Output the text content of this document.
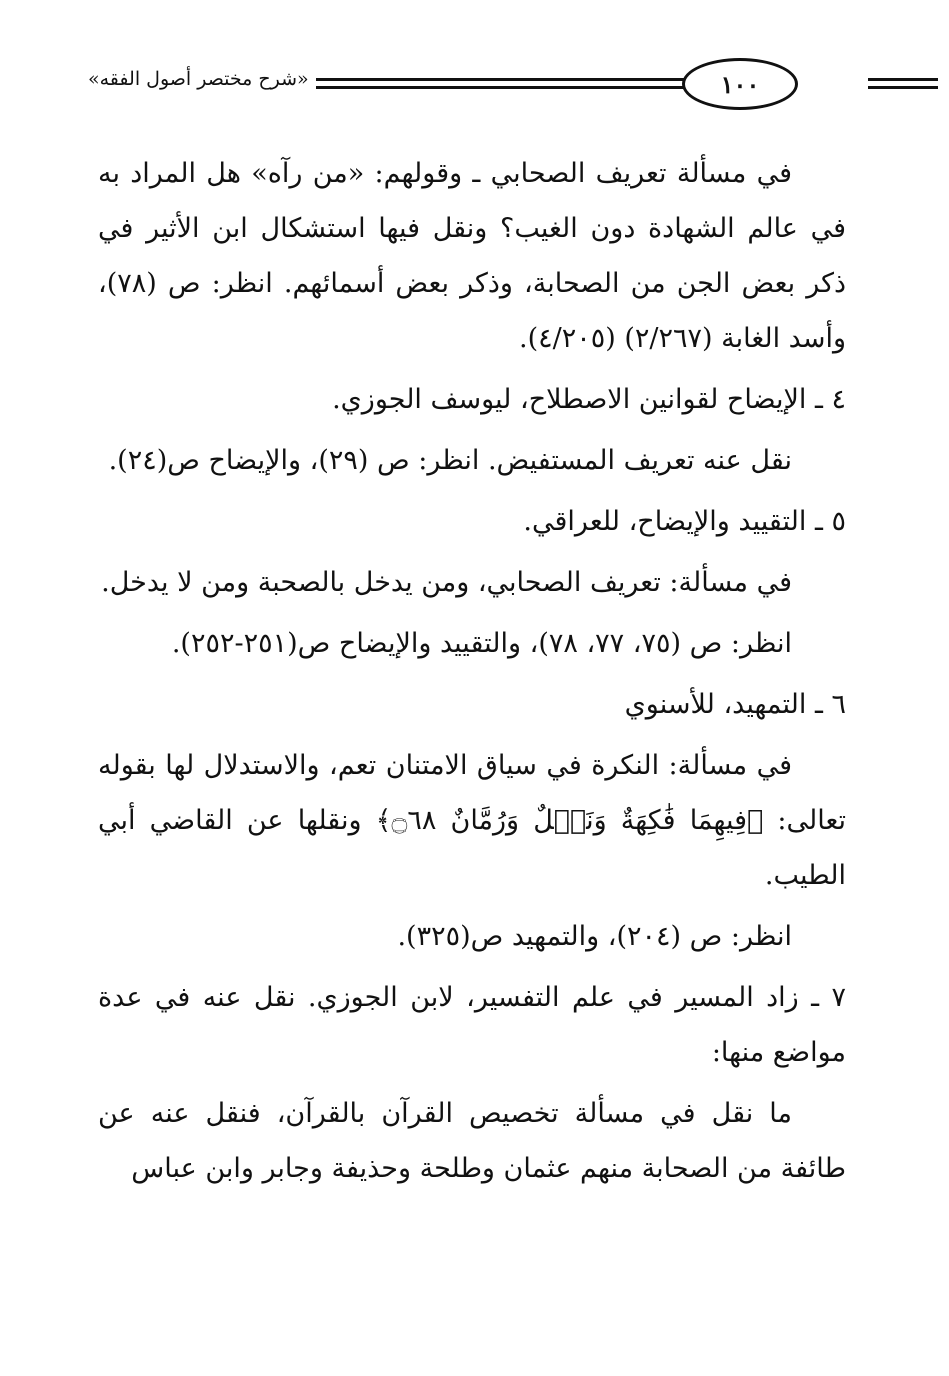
«شرح مختصر أصول الفقه»	١٠٠

في مسألة تعريف الصحابي ـ وقولهم: «من رآه» هل المراد به في عالم الشهادة دون الغيب؟ ونقل فيها استشكال ابن الأثير في ذكر بعض الجن من الصحابة، وذكر بعض أسمائهم. انظر: ص (٧٨)، وأسد الغابة (٢/٢٦٧) (٤/٢٠٥).

٤ ـ الإيضاح لقوانين الاصطلاح، ليوسف الجوزي.

نقل عنه تعريف المستفيض. انظر: ص (٢٩)، والإيضاح ص(٢٤).

٥ ـ التقييد والإيضاح، للعراقي.

في مسألة: تعريف الصحابي، ومن يدخل بالصحبة ومن لا يدخل.

انظر: ص (٧٥، ٧٧، ٧٨)، والتقييد والإيضاح ص(٢٥١-٢٥٢).

٦ ـ التمهيد، للأسنوي

في مسألة: النكرة في سياق الامتنان تعم، والاستدلال لها بقوله تعالى: ﴿فِيهِمَا فَٰكِهَةٌ وَنَخۡلٌ وَرُمَّانٌ ۝٦٨﴾ ونقلها عن القاضي أبي الطيب.

انظر: ص (٢٠٤)، والتمهيد ص(٣٢٥).

٧ ـ زاد المسير في علم التفسير، لابن الجوزي. نقل عنه في عدة مواضع منها:

ما نقل في مسألة تخصيص القرآن بالقرآن، فنقل عنه عن طائفة من الصحابة منهم عثمان وطلحة وحذيفة وجابر وابن عباس
